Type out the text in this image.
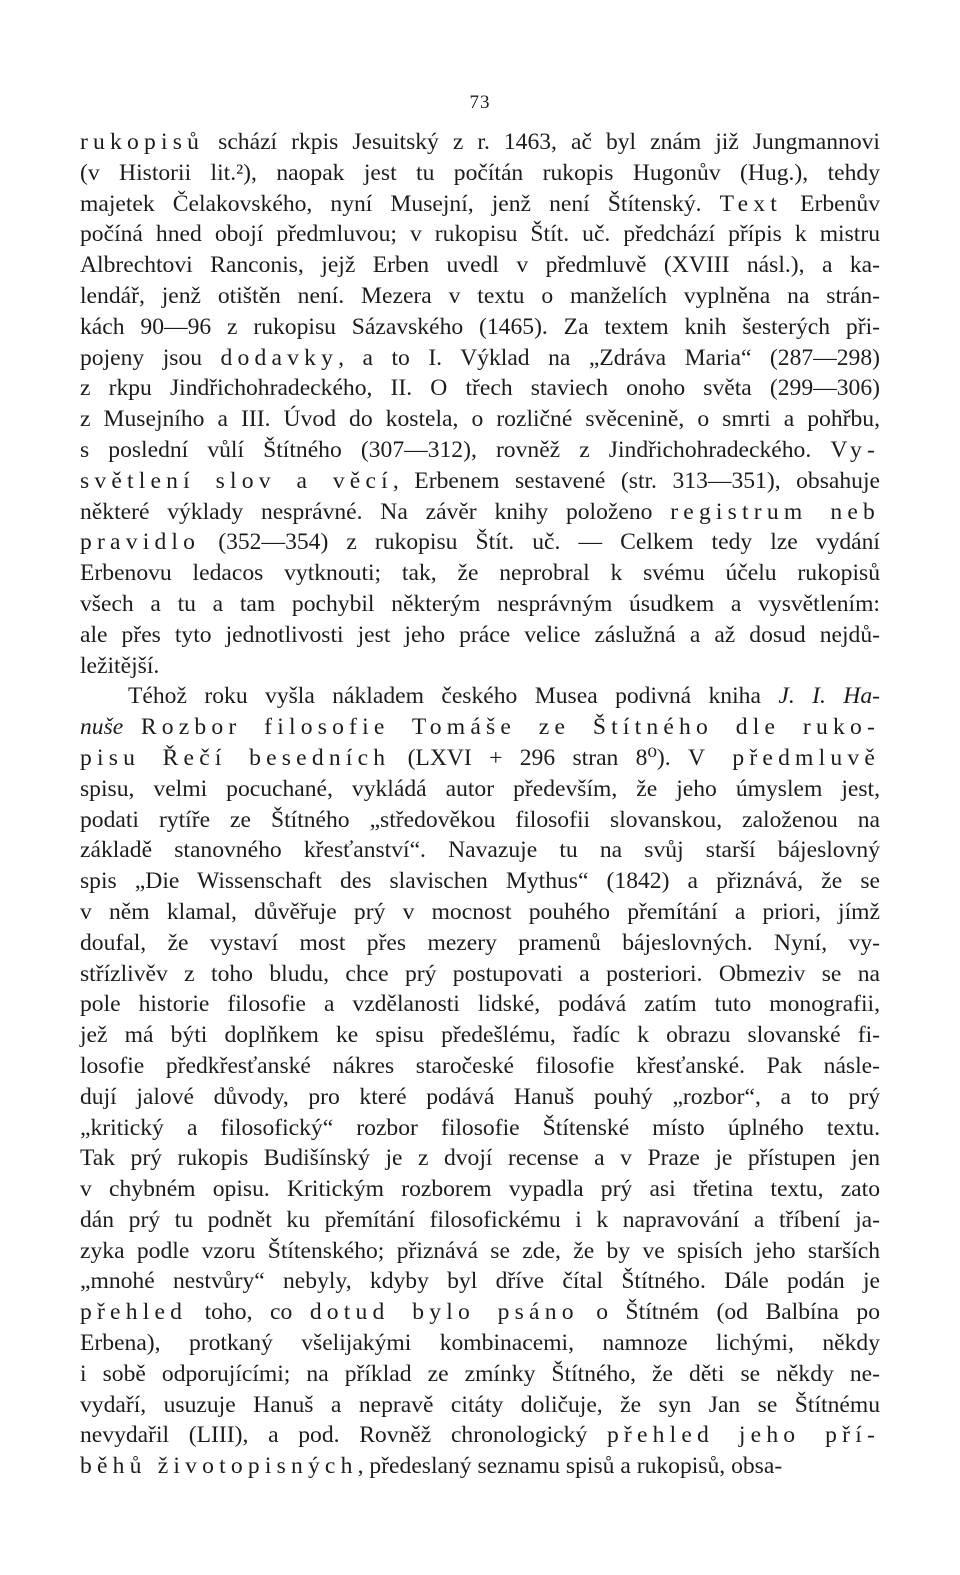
73
rukopisů schází rkpis Jesuitský z r. 1463, ač byl znám již Jungmannovi
(v Historii lit.²), naopak jest tu počítán rukopis Hugonův (Hug.), tehdy
majetek Čelakovského, nyní Musejní, jenž není Štítenský. Text Erbenův
počíná hned obojí předmluvou; v rukopisu Štít. uč. předchází přípis k mistru
Albrechtovi Ranconis, jejž Erben uvedl v předmluvě (XVIII násl.), a ka-
lendář, jenž otištěn není. Mezera v textu o manželích vyplněna na strán-
kách 90—96 z rukopisu Sázavského (1465). Za textem knih šesterých při-
pojeny jsou dodavky, a to I. Výklad na „Zdráva Maria“ (287—298)
z rkpu Jindřichohradeckého, II. O třech staviech onoho světa (299—306)
z Musejního a III. Úvod do kostela, o rozličné svěcenině, o smrti a pohřbu,
s poslední vůlí Štítného (307—312), rovněž z Jindřichohradeckého. Vy-
světlení slov a věcí, Erbenem sestavené (str. 313—351), obsahuje
některé výklady nesprávné. Na závěr knihy položeno registrum neb
pravidlo (352—354) z rukopisu Štít. uč. — Celkem tedy lze vydání
Erbenovu ledacos vytknouti; tak, že neprobral k svému účelu rukopisů
všech a tu a tam pochybil některým nesprávným úsudkem a vysvětlením:
ale přes tyto jednotlivosti jest jeho práce velice záslužná a až dosud nejdů-
ležitější.
Téhož roku vyšla nákladem českého Musea podivná kniha J. I. Ha-
nuše Rozbor filosofie Tomáše ze Štítného dle ruko-
pisu Řečí besedních (LXVI + 296 stran 8⁰). V předmluvě
spisu, velmi pocuchané, vykládá autor především, že jeho úmyslem jest,
podati rytíře ze Štítného „středověkou filosofii slovanskou, založenou na
základě stanovného křesťanství“. Navazuje tu na svůj starší bájeslovný
spis „Die Wissenschaft des slavischen Mythus“ (1842) a přiznává, že se
v něm klamal, důvěřuje prý v mocnost pouhého přemítání a priori, jímž
doufal, že vystaví most přes mezery pramenů bájeslovných. Nyní, vy-
střízlivěv z toho bludu, chce prý postupovati a posteriori. Obmeziv se na
pole historie filosofie a vzdělanosti lidské, podává zatím tuto monografii,
jež má býti doplňkem ke spisu předešlému, řadíc k obrazu slovanské fi-
losofie předkřesťanské nákres staročeské filosofie křesťanské. Pak násle-
dují jalové důvody, pro které podává Hanuš pouhý „rozbor“, a to prý
„kritický a filosofický“ rozbor filosofie Štítenské místo úplného textu.
Tak prý rukopis Budišínský je z dvojí recense a v Praze je přístupen jen
v chybném opisu. Kritickým rozborem vypadla prý asi třetina textu, zato
dán prý tu podnět ku přemítání filosofickému i k napravování a tříbení ja-
zyka podle vzoru Štítenského; přiznává se zde, že by ve spisích jeho starších
„mnohé nestvůry“ nebyly, kdyby byl dříve čítal Štítného. Dále podán je
přehled toho, co dotud bylo psáno o Štítném (od Balbína po
Erbena), protkaný všelijakými kombinacemi, namnoze lichými, někdy
i sobě odporujícími; na příklad ze zmínky Štítného, že děti se někdy ne-
vydaří, usuzuje Hanuš a nepravě citáty doličuje, že syn Jan se Štítnému
nevydařil (LIII), a pod. Rovněž chronologický přehled jeho pří-
běhů životopisných, předeslaný seznamu spisů a rukopisů, obsa-
